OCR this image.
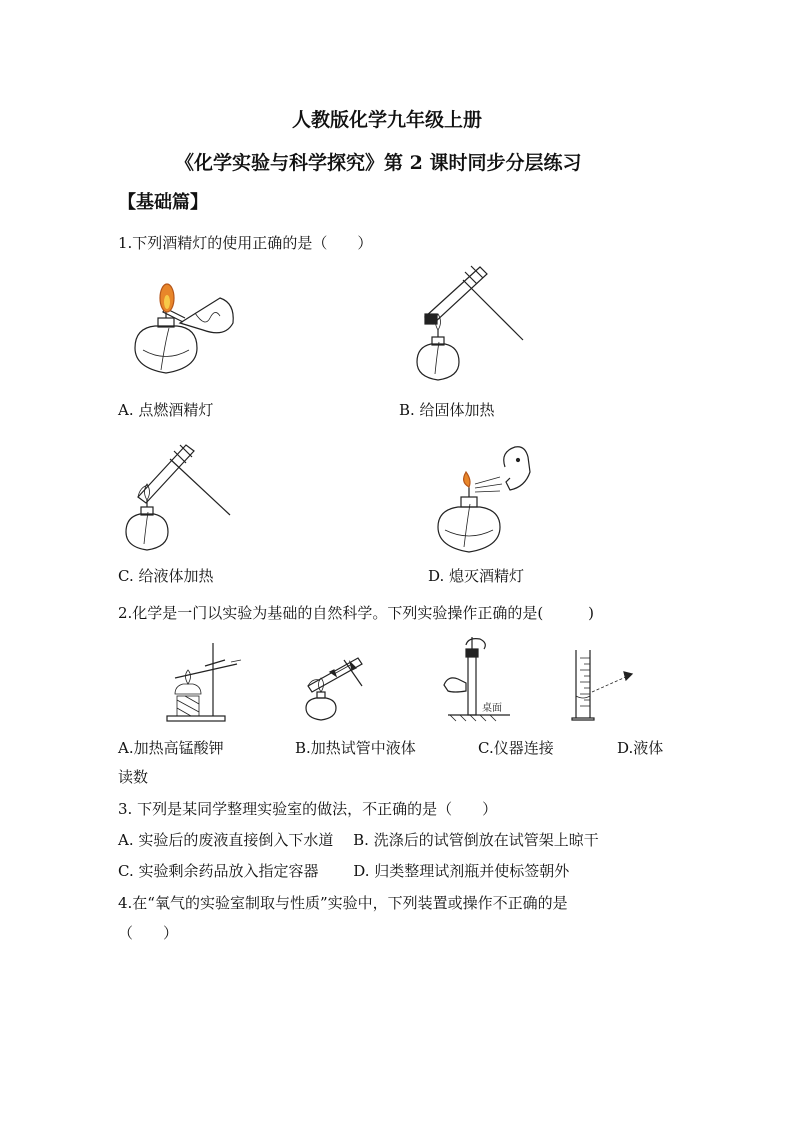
人教版化学九年级上册
《化学实验与科学探究》第 2 课时同步分层练习
【基础篇】
1.下列酒精灯的使用正确的是（　　）
A. 点燃酒精灯	B. 给固体加热
C. 给液体加热	D. 熄灭酒精灯
2.化学是一门以实验为基础的自然科学。下列实验操作正确的是(　　　)
桌面
A.加热高锰酸钾	B.加热试管中液体	C.仪器连接	D.液体
读数
3. 下列是某同学整理实验室的做法，不正确的是（　　）
A. 实验后的废液直接倒入下水道　 B. 洗涤后的试管倒放在试管架上晾干
C. 实验剩余药品放入指定容器　　 D. 归类整理试剂瓶并使标签朝外
4.在“氧气的实验室制取与性质”实验中，下列装置或操作不正确的是
（　　）
